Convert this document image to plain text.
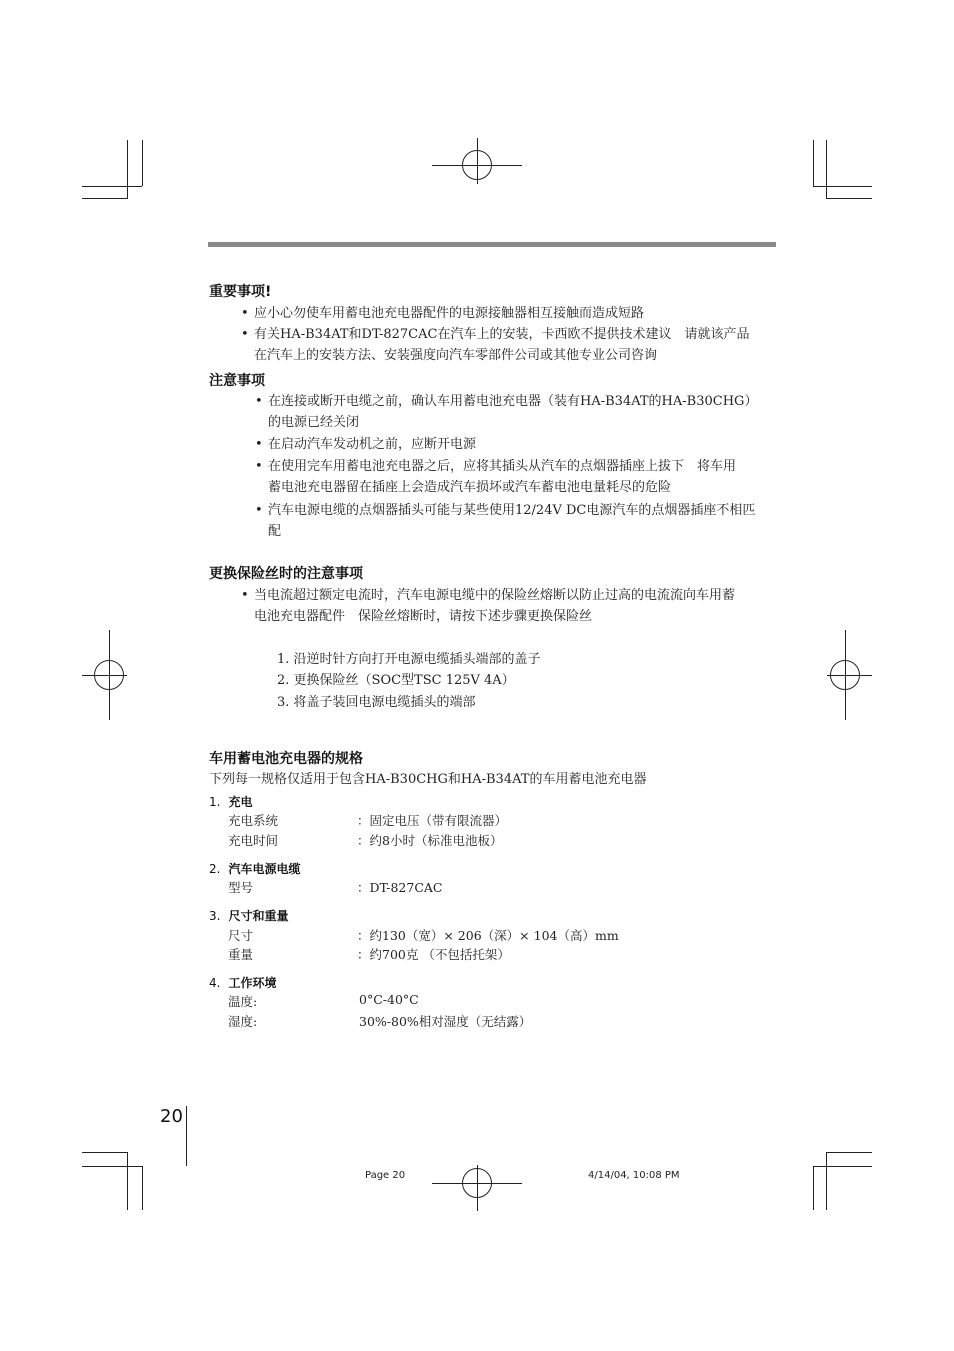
重要事项!
• 应小心勿使车用蓄电池充电器配件的电源接触器相互接触而造成短路
• 有关HA-B34AT和DT-827CAC在汽车上的安装，卡西欧不提供技术建议　请就该产品
在汽车上的安装方法、安装强度向汽车零部件公司或其他专业公司咨询
注意事项
• 在连接或断开电缆之前，确认车用蓄电池充电器（装有HA-B34AT的HA-B30CHG）
的电源已经关闭
• 在启动汽车发动机之前，应断开电源
• 在使用完车用蓄电池充电器之后，应将其插头从汽车的点烟器插座上拔下　将车用
蓄电池充电器留在插座上会造成汽车损坏或汽车蓄电池电量耗尽的危险
• 汽车电源电缆的点烟器插头可能与某些使用12/24V DC电源汽车的点烟器插座不相匹
配
更换保险丝时的注意事项
• 当电流超过额定电流时，汽车电源电缆中的保险丝熔断以防止过高的电流流向车用蓄
电池充电器配件　保险丝熔断时，请按下述步骤更换保险丝
1. 沿逆时针方向打开电源电缆插头端部的盖子
2. 更换保险丝（SOC型TSC 125V 4A）
3. 将盖子装回电源电缆插头的端部
车用蓄电池充电器的规格
下列每一规格仅适用于包含HA-B30CHG和HA-B34AT的车用蓄电池充电器
1. 充电
充电系统	：固定电压（带有限流器）
充电时间	：约8小时（标准电池板）
2. 汽车电源电缆
型号	：DT-827CAC
3. 尺寸和重量
尺寸	：约130（宽）× 206（深）× 104（高）mm
重量	：约700克 （不包括托架）
4. 工作环境
温度:	0°C-40°C
湿度:	30%-80%相对湿度（无结露）
20
Page 20	4/14/04, 10:08 PM
